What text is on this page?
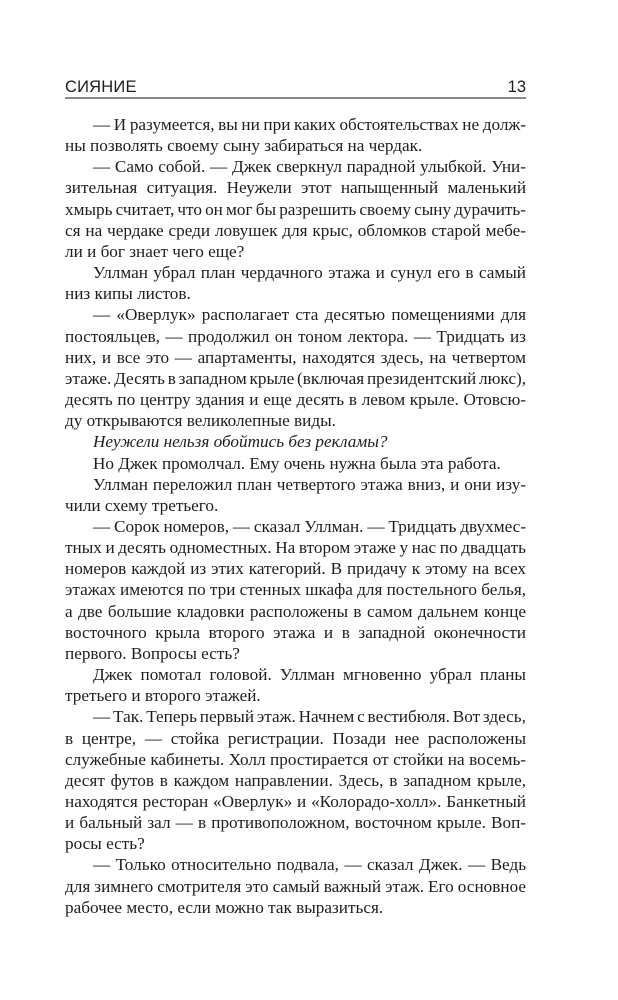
СИЯНИЕ	13
— И разумеется, вы ни при каких обстоятельствах не долж-
ны позволять своему сыну забираться на чердак.
— Само собой. — Джек сверкнул парадной улыбкой. Уни-
зительная ситуация. Неужели этот напыщенный маленький
хмырь считает, что он мог бы разрешить своему сыну дурачить-
ся на чердаке среди ловушек для крыс, обломков старой мебе-
ли и бог знает чего еще?
Уллман убрал план чердачного этажа и сунул его в самый
низ кипы листов.
— «Оверлук» располагает ста десятью помещениями для
постояльцев, — продолжил он тоном лектора. — Тридцать из
них, и все это — апартаменты, находятся здесь, на четвертом
этаже. Десять в западном крыле (включая президентский люкс),
десять по центру здания и еще десять в левом крыле. Отовсю-
ду открываются великолепные виды.
Неужели нельзя обойтись без рекламы?
Но Джек промолчал. Ему очень нужна была эта работа.
Уллман переложил план четвертого этажа вниз, и они изу-
чили схему третьего.
— Сорок номеров, — сказал Уллман. — Тридцать двухмес-
тных и десять одноместных. На втором этаже у нас по двадцать
номеров каждой из этих категорий. В придачу к этому на всех
этажах имеются по три стенных шкафа для постельного белья,
а две большие кладовки расположены в самом дальнем конце
восточного крыла второго этажа и в западной оконечности
первого. Вопросы есть?
Джек помотал головой. Уллман мгновенно убрал планы
третьего и второго этажей.
— Так. Теперь первый этаж. Начнем с вестибюля. Вот здесь,
в центре, — стойка регистрации. Позади нее расположены
служебные кабинеты. Холл простирается от стойки на восемь-
десят футов в каждом направлении. Здесь, в западном крыле,
находятся ресторан «Оверлук» и «Колорадо-холл». Банкетный
и бальный зал — в противоположном, восточном крыле. Воп-
росы есть?
— Только относительно подвала, — сказал Джек. — Ведь
для зимнего смотрителя это самый важный этаж. Его основное
рабочее место, если можно так выразиться.
